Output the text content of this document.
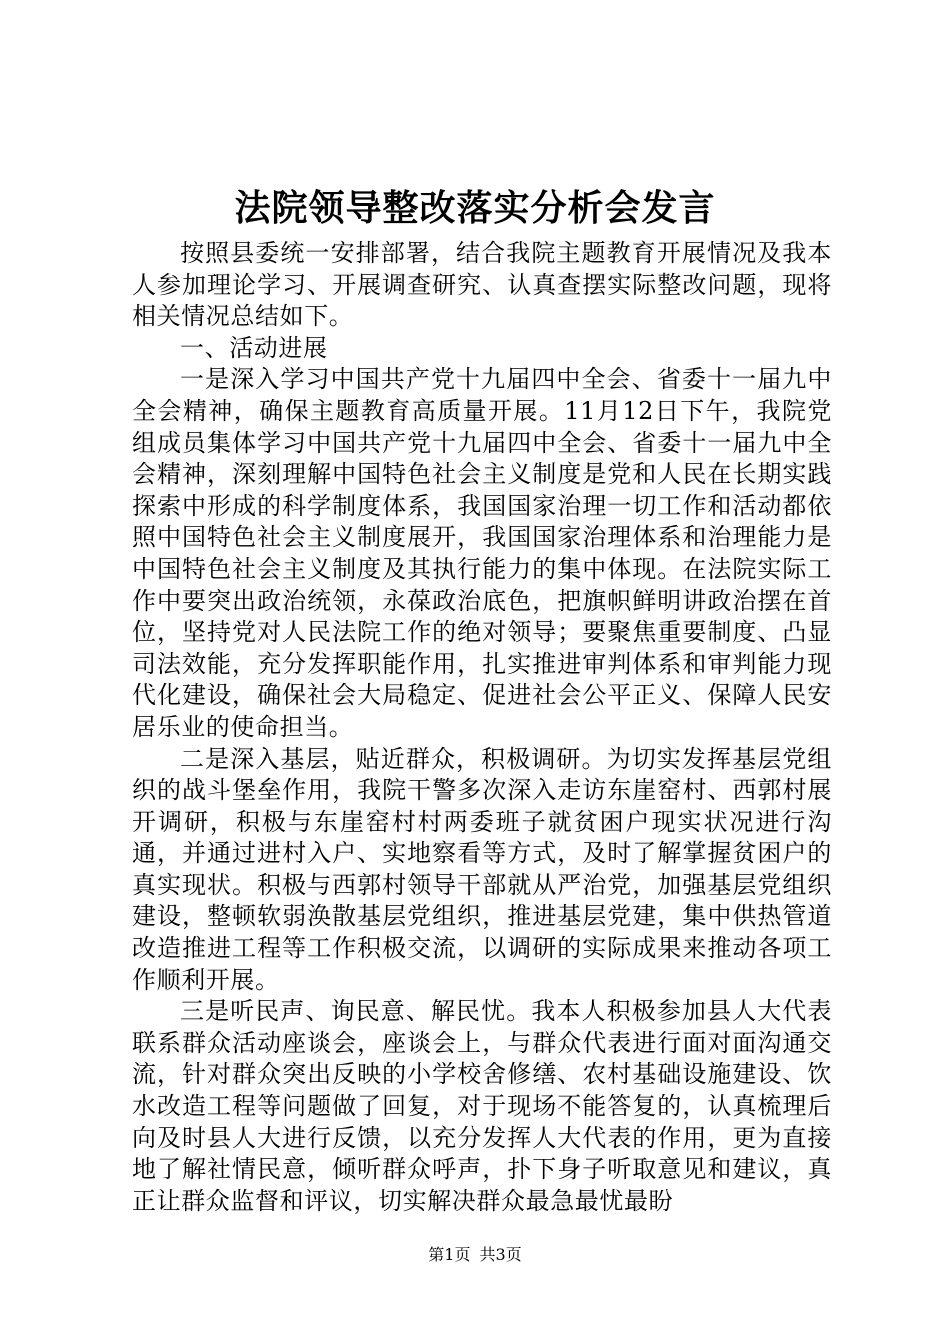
法院领导整改落实分析会发言

按照县委统一安排部署，结合我院主题教育开展情况及我本人参加理论学习、开展调查研究、认真查摆实际整改问题，现将相关情况总结如下。

一、活动进展

一是深入学习中国共产党十九届四中全会、省委十一届九中全会精神，确保主题教育高质量开展。11月12日下午，我院党组成员集体学习中国共产党十九届四中全会、省委十一届九中全会精神，深刻理解中国特色社会主义制度是党和人民在长期实践探索中形成的科学制度体系，我国国家治理一切工作和活动都依照中国特色社会主义制度展开，我国国家治理体系和治理能力是中国特色社会主义制度及其执行能力的集中体现。在法院实际工作中要突出政治统领，永葆政治底色，把旗帜鲜明讲政治摆在首位，坚持党对人民法院工作的绝对领导；要聚焦重要制度、凸显司法效能，充分发挥职能作用，扎实推进审判体系和审判能力现代化建设，确保社会大局稳定、促进社会公平正义、保障人民安居乐业的使命担当。

二是深入基层，贴近群众，积极调研。为切实发挥基层党组织的战斗堡垒作用，我院干警多次深入走访东崖窑村、西郭村展开调研，积极与东崖窑村村两委班子就贫困户现实状况进行沟通，并通过进村入户、实地察看等方式，及时了解掌握贫困户的真实现状。积极与西郭村领导干部就从严治党，加强基层党组织建设，整顿软弱涣散基层党组织，推进基层党建，集中供热管道改造推进工程等工作积极交流，以调研的实际成果来推动各项工作顺利开展。

三是听民声、询民意、解民忧。我本人积极参加县人大代表联系群众活动座谈会，座谈会上，与群众代表进行面对面沟通交流，针对群众突出反映的小学校舍修缮、农村基础设施建设、饮水改造工程等问题做了回复，对于现场不能答复的，认真梳理后向及时县人大进行反馈，以充分发挥人大代表的作用，更为直接地了解社情民意，倾听群众呼声，扑下身子听取意见和建议，真正让群众监督和评议，切实解决群众最急最忧最盼

第1页 共3页
